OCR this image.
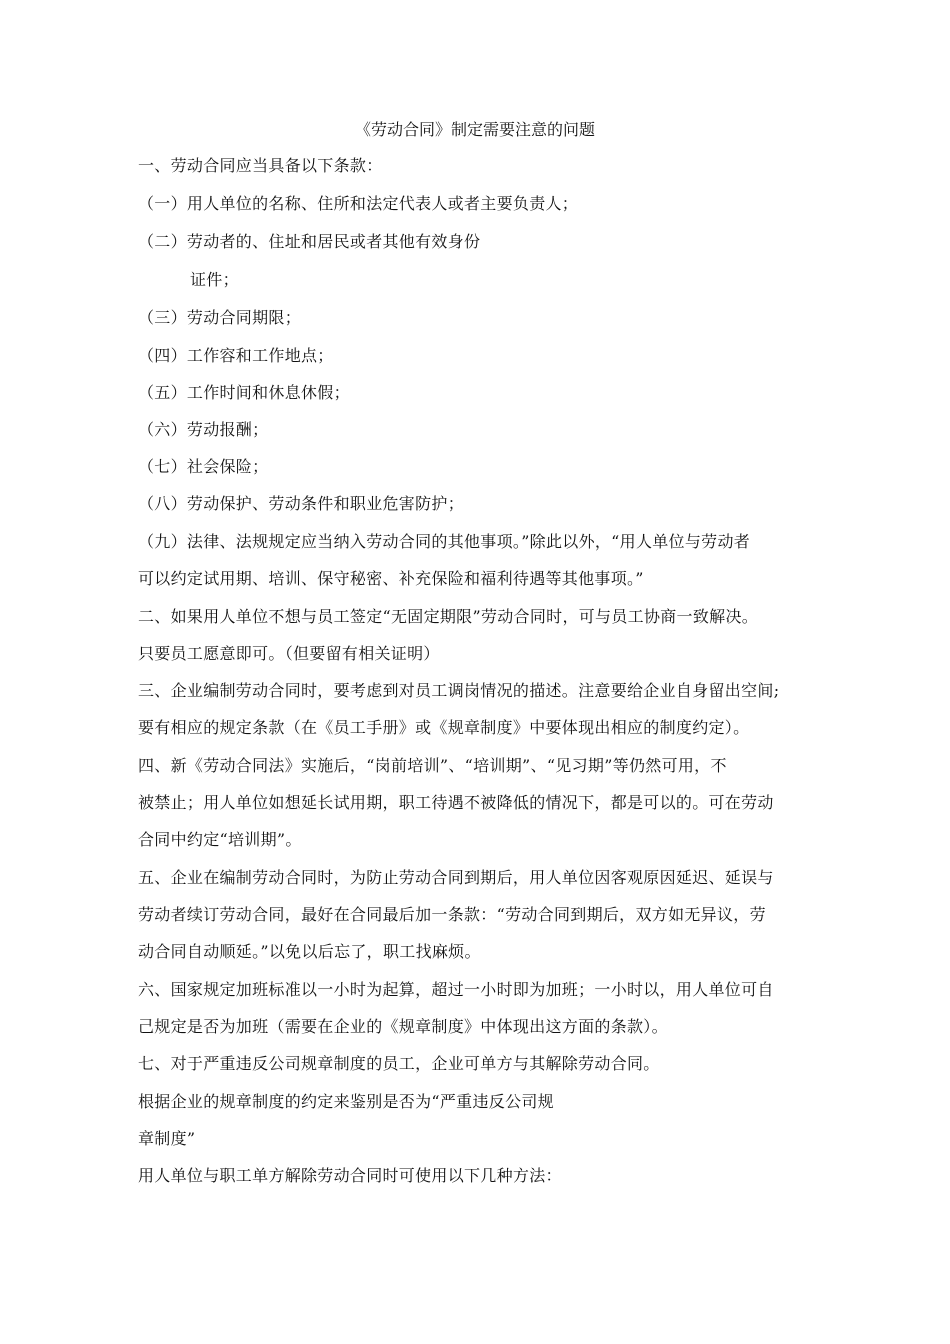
《劳动合同》制定需要注意的问题
一、劳动合同应当具备以下条款：
（一）用人单位的名称、住所和法定代表人或者主要负责人；
（二）劳动者的、住址和居民或者其他有效身份
证件；
（三）劳动合同期限；
（四）工作容和工作地点；
（五）工作时间和休息休假；
（六）劳动报酬；
（七）社会保险；
（八）劳动保护、劳动条件和职业危害防护；
（九）法律、法规规定应当纳入劳动合同的其他事项。”除此以外，“用人单位与劳动者
可以约定试用期、培训、保守秘密、补充保险和福利待遇等其他事项。”
二、如果用人单位不想与员工签定“无固定期限”劳动合同时，可与员工协商一致解决。
只要员工愿意即可。（但要留有相关证明）
三、企业编制劳动合同时，要考虑到对员工调岗情况的描述。注意要给企业自身留出空间;
要有相应的规定条款（在《员工手册》或《规章制度》中要体现出相应的制度约定）。
四、新《劳动合同法》实施后，“岗前培训”、“培训期”、“见习期”等仍然可用，不
被禁止；用人单位如想延长试用期，职工待遇不被降低的情况下，都是可以的。可在劳动
合同中约定“培训期”。
五、企业在编制劳动合同时，为防止劳动合同到期后，用人单位因客观原因延迟、延误与
劳动者续订劳动合同，最好在合同最后加一条款：“劳动合同到期后，双方如无异议，劳
动合同自动顺延。”以免以后忘了，职工找麻烦。
六、国家规定加班标准以一小时为起算，超过一小时即为加班；一小时以，用人单位可自
己规定是否为加班（需要在企业的《规章制度》中体现出这方面的条款）。
七、对于严重违反公司规章制度的员工，企业可单方与其解除劳动合同。
根据企业的规章制度的约定来鉴别是否为“严重违反公司规
章制度”
用人单位与职工单方解除劳动合同时可使用以下几种方法：
